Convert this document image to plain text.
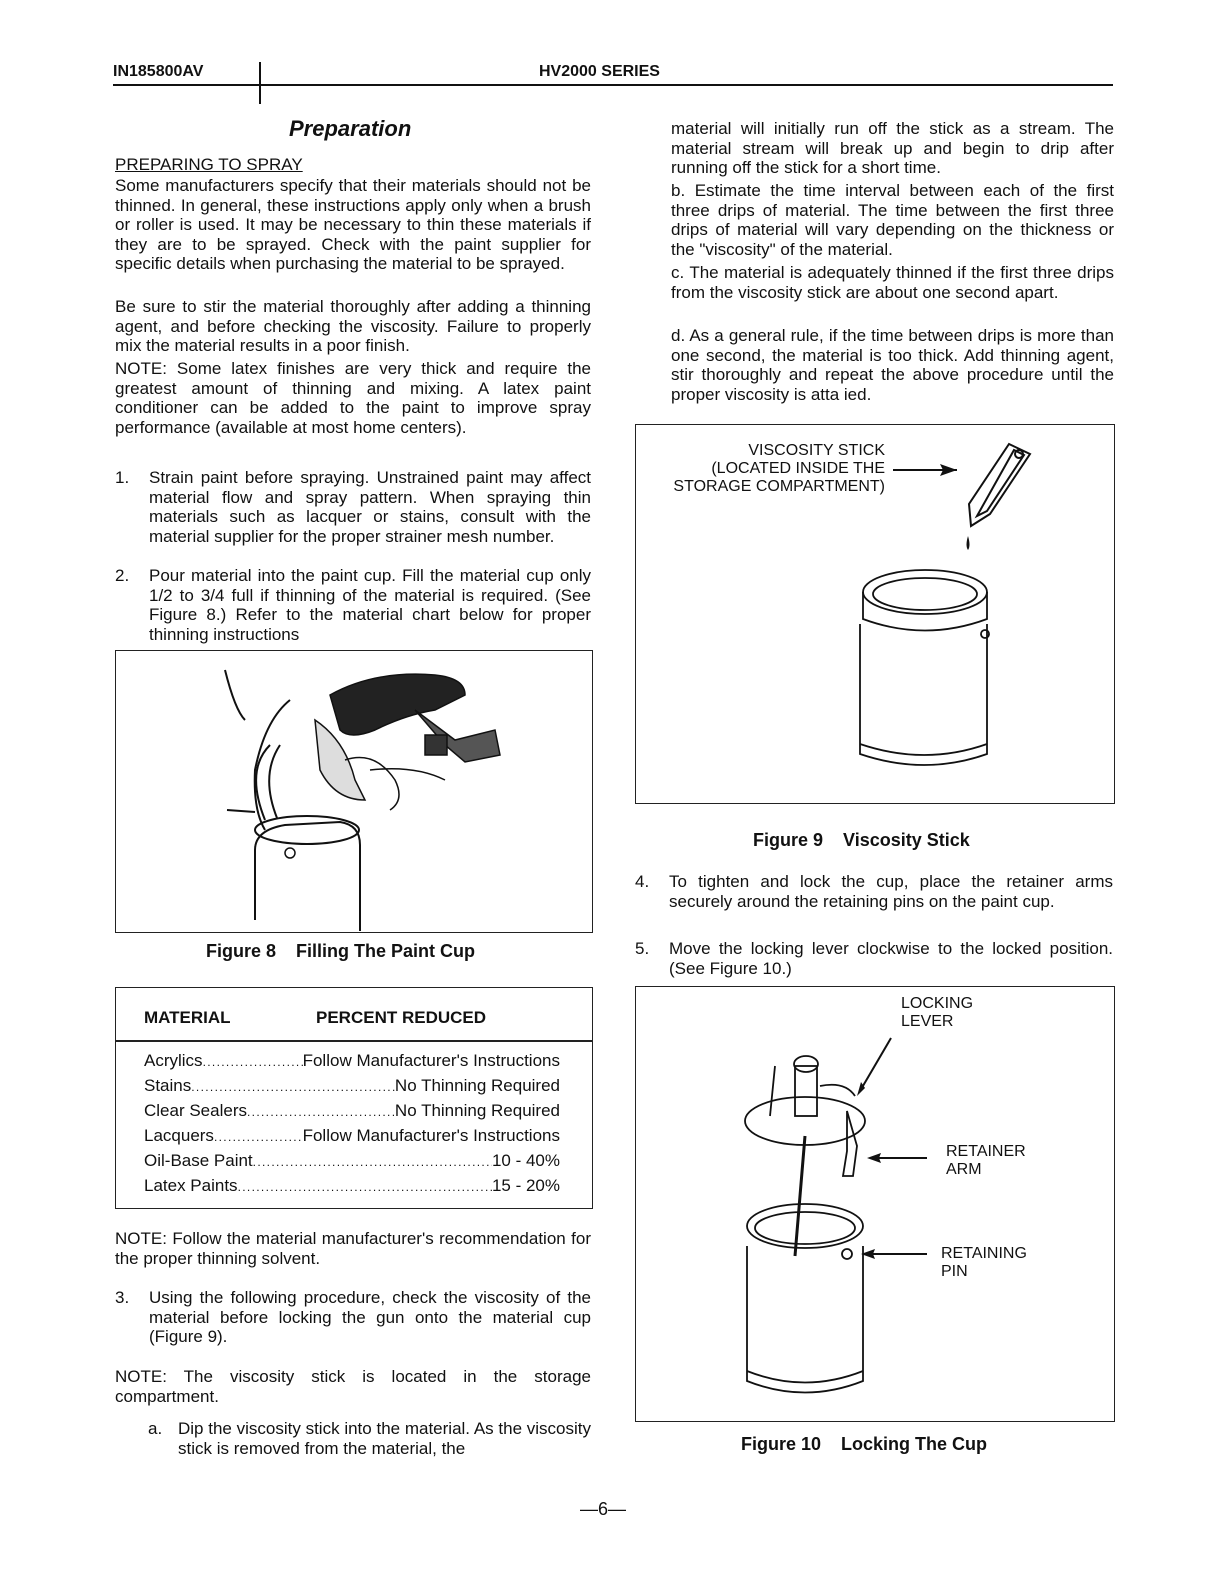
IN185800AV	HV2000 SERIES
Preparation
PREPARING TO SPRAY

Some manufacturers specify that their materials should not be thinned. In general, these instructions apply only when a brush or roller is used. It may be necessary to thin these materials if they are to be sprayed. Check with the paint supplier for specific details when purchasing the material to be sprayed.

Be sure to stir the material thoroughly after adding a thinning agent, and before checking the viscosity. Failure to properly mix the material results in a poor finish.

NOTE: Some latex finishes are very thick and require the greatest amount of thinning and mixing. A latex paint conditioner can be added to the paint to improve spray performance (available at most home centers).

1.	Strain paint before spraying. Unstrained paint may affect material flow and spray pattern. When spraying thin materials such as lacquer or stains, consult with the material supplier for the proper strainer mesh number.
2.	Pour material into the paint cup. Fill the material cup only 1/2 to 3/4 full if thinning of the material is required. (See Figure 8.) Refer to the material chart below for proper thinning instructions
Figure 8    Filling The Paint Cup
MATERIAL	PERCENT REDUCED
Acrylics . . .	Follow Manufacturer's Instructions
Stains . . .	No Thinning Required
Clear Sealers . . .	No Thinning Required
Lacquers . . .	Follow Manufacturer's Instructions
Oil-Base Paint . . .	10 - 40%
Latex Paints . . .	15 - 20%

NOTE: Follow the material manufacturer's recommendation for the proper thinning solvent.

3.	Using the following procedure, check the viscosity of the material before locking the gun onto the material cup (Figure 9).

NOTE: The viscosity stick is located in the storage compartment.

a. Dip the viscosity stick into the material. As the viscosity stick is removed from the material, the

material will initially run off the stick as a stream. The material stream will break up and begin to drip after running off the stick for a short time.

b. Estimate the time interval between each of the first three drips of material. The time between the first three drips of material will vary depending on the thickness or the "viscosity" of the material.

c. The material is adequately thinned if the first three drips from the viscosity stick are about one second apart.

d. As a general rule, if the time between drips is more than one second, the material is too thick. Add thinning agent, stir thoroughly and repeat the above procedure until the proper viscosity is atta ied.

VISCOSITY STICK
(LOCATED INSIDE THE
STORAGE COMPARTMENT)
Figure 9    Viscosity Stick
4.	To tighten and lock the cup, place the retainer arms securely around the retaining pins on the paint cup.
5.	Move the locking lever clockwise to the locked position. (See Figure 10.)
LOCKING
LEVER
RETAINER
ARM
RETAINING
PIN
Figure 10    Locking The Cup
—6—
